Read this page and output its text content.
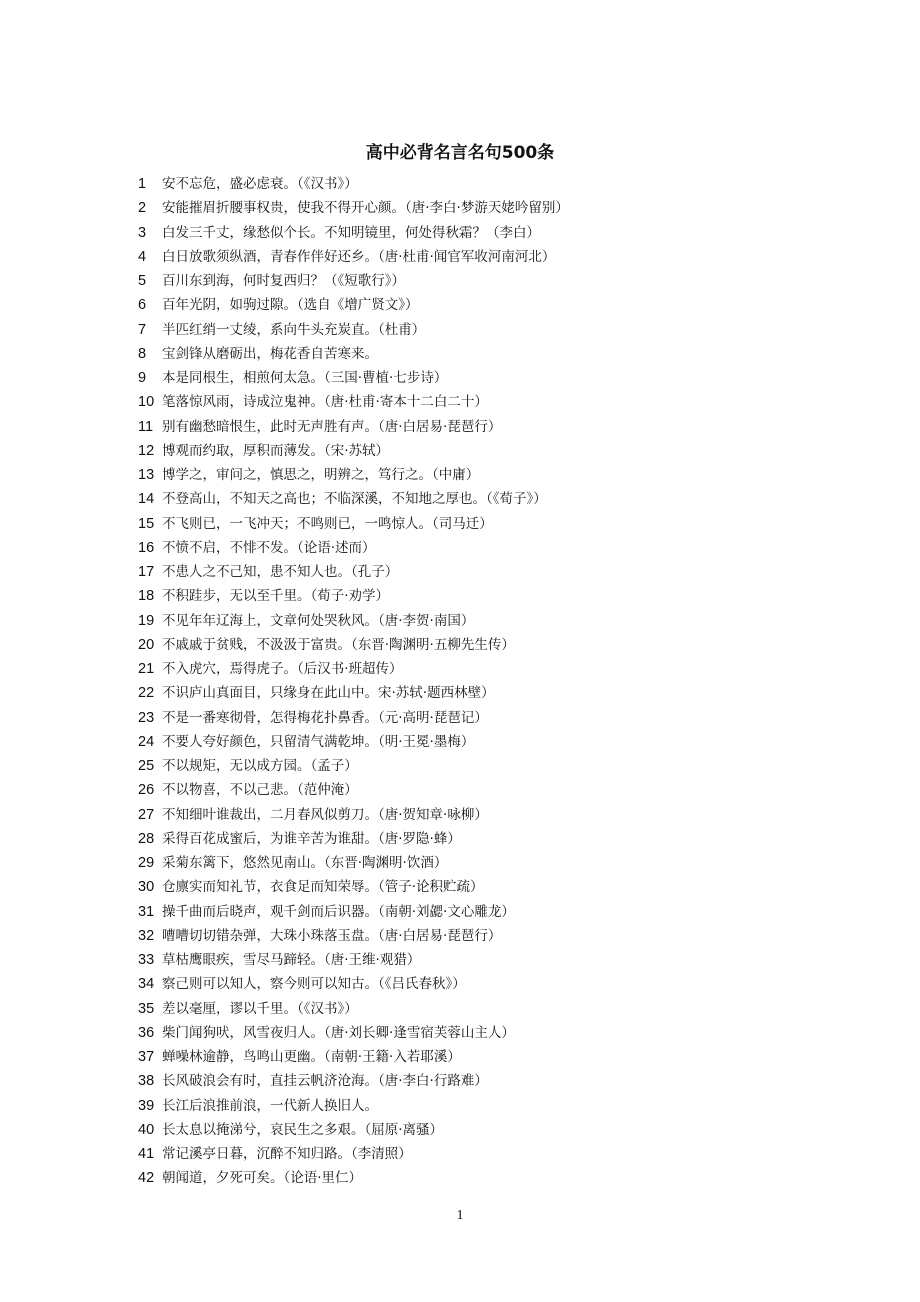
高中必背名言名句500条
1 安不忘危，盛必虑衰。（《汉书》）
2 安能摧眉折腰事权贵，使我不得开心颜。（唐·李白·梦游天姥吟留别）
3 白发三千丈，缘愁似个长。不知明镜里，何处得秋霜？（李白）
4 白日放歌须纵酒，青春作伴好还乡。（唐·杜甫·闻官军收河南河北）
5 百川东到海，何时复西归？（《短歌行》）
6 百年光阴，如驹过隙。（选自《增广贤文》）
7 半匹红绡一丈绫，系向牛头充炭直。（杜甫）
8 宝剑锋从磨砺出，梅花香自苦寒来。
9 本是同根生，相煎何太急。（三国·曹植·七步诗）
10 笔落惊风雨，诗成泣鬼神。（唐·杜甫·寄本十二白二十）
11 别有幽愁暗恨生，此时无声胜有声。（唐·白居易·琵琶行）
12 博观而约取，厚积而薄发。（宋·苏轼）
13 博学之，审问之，慎思之，明辨之，笃行之。（中庸）
14 不登高山，不知天之高也；不临深溪，不知地之厚也。（《荀子》）
15 不飞则已，一飞冲天；不鸣则已，一鸣惊人。（司马迁）
16 不愤不启，不悱不发。（论语·述而）
17 不患人之不己知，患不知人也。（孔子）
18 不积跬步，无以至千里。（荀子·劝学）
19 不见年年辽海上，文章何处哭秋风。（唐·李贺·南国）
20 不戚戚于贫贱，不汲汲于富贵。（东晋·陶渊明·五柳先生传）
21 不入虎穴，焉得虎子。（后汉书·班超传）
22 不识庐山真面目，只缘身在此山中。宋·苏轼·题西林壁）
23 不是一番寒彻骨，怎得梅花扑鼻香。（元·高明·琵琶记）
24 不要人夸好颜色，只留清气满乾坤。（明·王冕·墨梅）
25 不以规矩，无以成方园。（孟子）
26 不以物喜，不以己悲。（范仲淹）
27 不知细叶谁裁出，二月春风似剪刀。（唐·贺知章·咏柳）
28 采得百花成蜜后，为谁辛苦为谁甜。（唐·罗隐·蜂）
29 采菊东篱下，悠然见南山。（东晋·陶渊明·饮酒）
30 仓廪实而知礼节，衣食足而知荣辱。（管子·论积贮疏）
31 操千曲而后晓声，观千剑而后识器。（南朝·刘勰·文心雕龙）
32 嘈嘈切切错杂弹，大珠小珠落玉盘。（唐·白居易·琵琶行）
33 草枯鹰眼疾，雪尽马蹄轻。（唐·王维·观猎）
34 察己则可以知人，察今则可以知古。（《吕氏春秋》）
35 差以毫厘，谬以千里。（《汉书》）
36 柴门闻狗吠，风雪夜归人。（唐·刘长卿·逢雪宿芙蓉山主人）
37 蝉噪林逾静，鸟鸣山更幽。（南朝·王籍·入若耶溪）
38 长风破浪会有时，直挂云帆济沧海。（唐·李白·行路难）
39 长江后浪推前浪，一代新人换旧人。
40 长太息以掩涕兮，哀民生之多艰。（屈原·离骚）
41 常记溪亭日暮，沉醉不知归路。（李清照）
42 朝闻道，夕死可矣。（论语·里仁）
1
